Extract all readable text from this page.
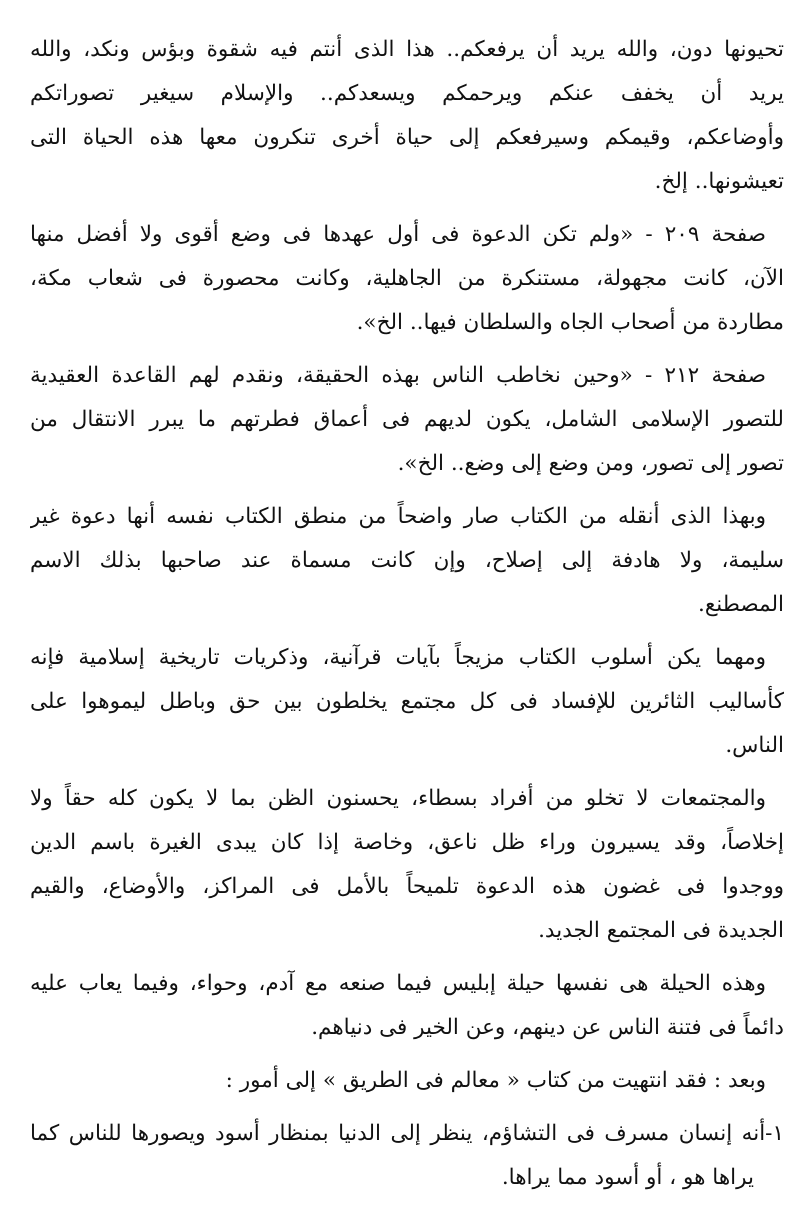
تحيونها دون، والله يريد أن يرفعكم.. هذا الذى أنتم فيه شقوة وبؤس ونكد، والله
يريد أن يخفف عنكم ويرحمكم ويسعدكم.. والإسلام سيغير تصوراتكم
وأوضاعكم، وقيمكم وسيرفعكم إلى حياة أخرى تنكرون معها هذه الحياة التى
تعيشونها.. إلخ.
صفحة ٢٠٩ - «ولم تكن الدعوة فى أول عهدها فى وضع أقوى ولا أفضل منها
الآن، كانت مجهولة، مستنكرة من الجاهلية، وكانت محصورة فى شعاب مكة،
مطاردة من أصحاب الجاه والسلطان فيها.. الخ».
صفحة ٢١٢ - «وحين نخاطب الناس بهذه الحقيقة، ونقدم لهم القاعدة العقيدية
للتصور الإسلامى الشامل، يكون لديهم فى أعماق فطرتهم ما يبرر الانتقال من
تصور إلى تصور، ومن وضع إلى وضع.. الخ».
وبهذا الذى أنقله من الكتاب صار واضحاً من منطق الكتاب نفسه أنها دعوة غير
سليمة، ولا هادفة إلى إصلاح، وإن كانت مسماة عند صاحبها بذلك الاسم
المصطنع.
ومهما يكن أسلوب الكتاب مزيجاً بآيات قرآنية، وذكريات تاريخية إسلامية فإنه
كأساليب الثائرين للإفساد فى كل مجتمع يخلطون بين حق وباطل ليموهوا على
الناس.
والمجتمعات لا تخلو من أفراد بسطاء، يحسنون الظن بما لا يكون كله حقاً ولا
إخلاصاً، وقد يسيرون وراء ظل ناعق، وخاصة إذا كان يبدى الغيرة باسم الدين
ووجدوا فى غضون هذه الدعوة تلميحاً بالأمل فى المراكز، والأوضاع، والقيم
الجديدة فى المجتمع الجديد.
وهذه الحيلة هى نفسها حيلة إبليس فيما صنعه مع آدم، وحواء، وفيما يعاب عليه
دائماً فى فتنة الناس عن دينهم، وعن الخير فى دنياهم.
وبعد : فقد انتهيت من كتاب « معالم فى الطريق » إلى أمور :
١-أنه إنسان مسرف فى التشاؤم، ينظر إلى الدنيا بمنظار أسود ويصورها للناس كما
يراها هو ، أو أسود مما يراها.
